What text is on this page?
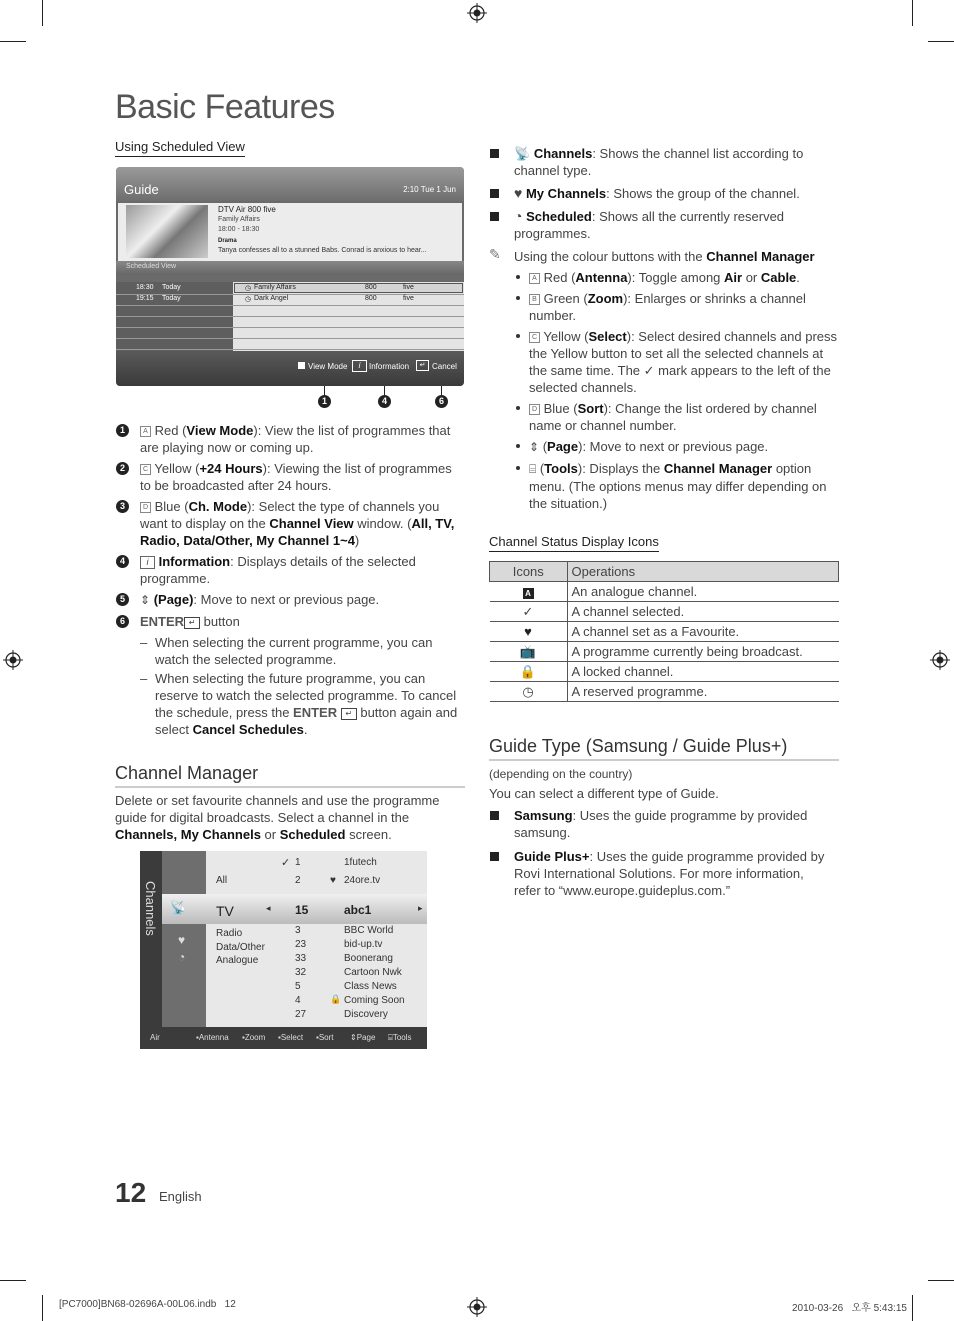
Basic Features
Using Scheduled View
Guide	2:10 Tue 1 Jun
DTV Air 800 five
Family Affairs
18:00 - 18:30
Drama
Tanya confesses all to a stunned Babs. Conrad is anxious to hear...
Scheduled View
18:30 Today	◷ Family Affairs	800	five
19:15 Today	◷ Dark Angel	800	five
View Mode	i	Information	↵ Cancel
1	4	6
1	A Red (View Mode): View the list of programmes that are playing now or coming up.
2	C Yellow (+24 Hours): Viewing the list of programmes to be broadcasted after 24 hours.
3	D Blue (Ch. Mode): Select the type of channels you want to display on the Channel View window. (All, TV, Radio, Data/Other, My Channel 1~4)
4	i Information: Displays details of the selected programme.
5	⇕ (Page): Move to next or previous page.
6	ENTER ↵ button
– When selecting the current programme, you can watch the selected programme.
– When selecting the future programme, you can reserve to watch the selected programme. To cancel the schedule, press the ENTER ↵ button again and select Cancel Schedules.
Channel Manager
Delete or set favourite channels and use the programme guide for digital broadcasts. Select a channel in the Channels, My Channels or Scheduled screen.
Channels
♥
◔
📡
All
TV
Radio
Data/Other
Analogue
◂	▸
✓
♥
🔒
1	1futech
2	24ore.tv
15	abc1
3	BBC World
23	bid-up.tv
33	Boonerang
32	Cartoon Nwk
5	Class News
4	Coming Soon
27	Discovery
Air	▪Antenna ▪Zoom ▪Select ▪Sort ⇕Page ⌸Tools
📡 Channels: Shows the channel list according to channel type.
♥ My Channels: Shows the group of the channel.
◔ Scheduled: Shows all the currently reserved programmes.
✎ Using the colour buttons with the Channel Manager
A Red (Antenna): Toggle among Air or Cable.
B Green (Zoom): Enlarges or shrinks a channel number.
C Yellow (Select): Select desired channels and press the Yellow button to set all the selected channels at the same time. The ✓ mark appears to the left of the selected channels.
D Blue (Sort): Change the list ordered by channel name or channel number.
⇕ (Page): Move to next or previous page.
⌸ (Tools): Displays the Channel Manager option menu. (The options menus may differ depending on the situation.)
Channel Status Display Icons
Icons	Operations
A	An analogue channel.
✓	A channel selected.
♥	A channel set as a Favourite.
📺	A programme currently being broadcast.
🔒	A locked channel.
◷	A reserved programme.
Guide Type (Samsung / Guide Plus+)
(depending on the country)
You can select a different type of Guide.
Samsung: Uses the guide programme by provided samsung.
Guide Plus+: Uses the guide programme provided by Rovi International Solutions. For more information, refer to “www.europe.guideplus.com.”
12 English
[PC7000]BN68-02696A-00L06.indb   12	2010-03-26   오후 5:43:15
